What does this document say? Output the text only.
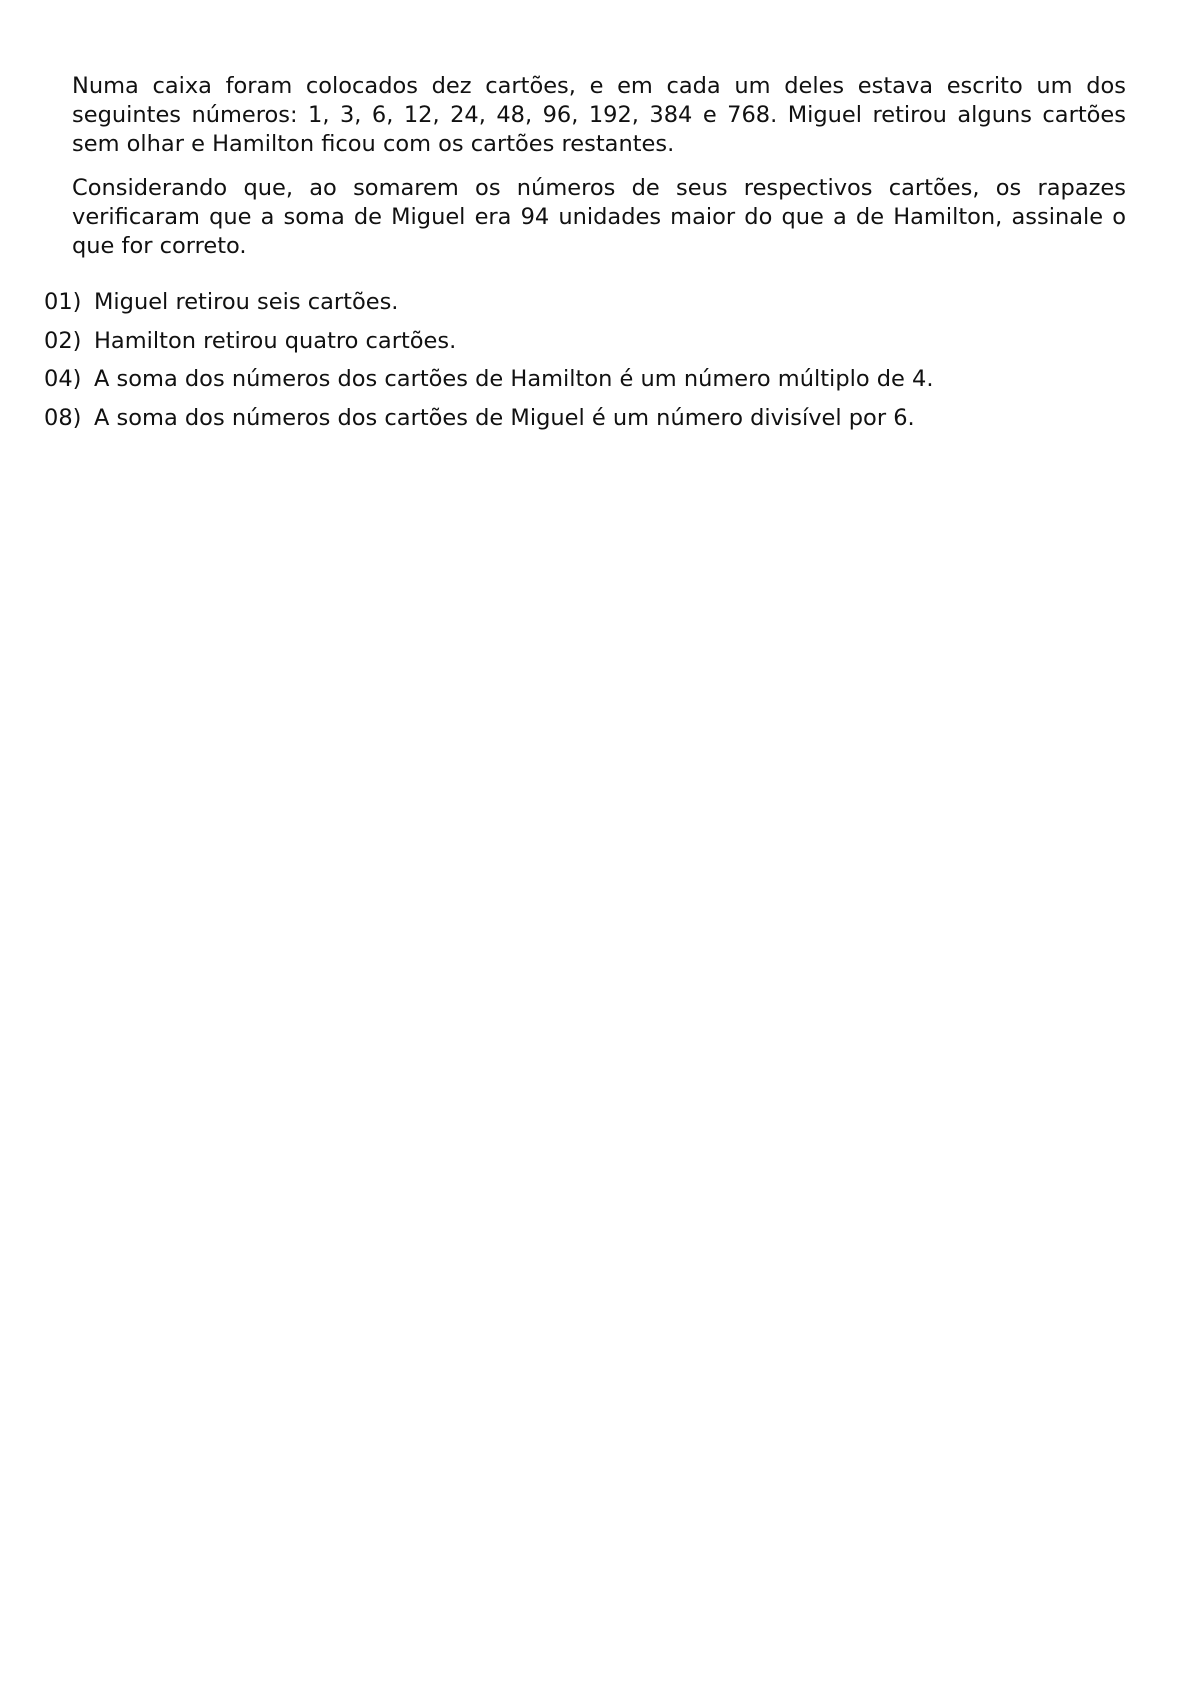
Numa caixa foram colocados dez cartões, e em cada um deles estava escrito um dos seguintes números: 1, 3, 6, 12, 24, 48, 96, 192, 384 e 768. Miguel retirou alguns cartões sem olhar e Hamilton ficou com os cartões restantes.

Considerando que, ao somarem os números de seus respectivos cartões, os rapazes verificaram que a soma de Miguel era 94 unidades maior do que a de Hamilton, assinale o que for correto.

01) Miguel retirou seis cartões.
02) Hamilton retirou quatro cartões.
04) A soma dos números dos cartões de Hamilton é um número múltiplo de 4.
08) A soma dos números dos cartões de Miguel é um número divisível por 6.
